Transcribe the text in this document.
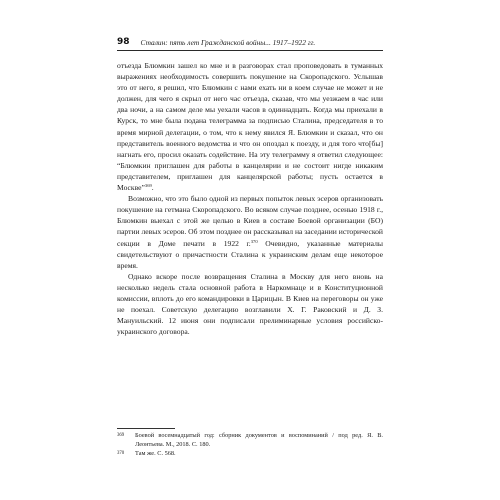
98 Сталин: пять лет Гражданской войны... 1917–1922 гг.

отъезда Блюмкин зашел ко мне и в разговорах стал проповедовать в туманных выражениях необходимость совершить покушение на Скоропадского. Услышав это от него, я решил, что Блюмкин с нами ехать ни в коем случае не может и не должен, для чего я скрыл от него час отъезда, сказав, что мы уезжаем в час или два ночи, а на самом деле мы уехали часов в одиннадцать. Когда мы приехали в Курск, то мне была подана телеграмма за подписью Сталина, председателя в то время мирной делегации, о том, что к нему явился Я. Блюмкин и сказал, что он представитель военного ведомства и что он опоздал к поезду, и для того что[бы] нагнать его, просил оказать содействие. На эту телеграмму я ответил следующее: “Блюмкин приглашен для работы в канцелярии и не состоит нигде никаким представителем, приглашен для канцелярской работы; пусть остается в Москве”$^{369}$.

Возможно, что это было одной из первых попыток левых эсеров организовать покушение на гетмана Скоропадского. Во всяком случае позднее, осенью 1918 г., Блюмкин выехал с этой же целью в Киев в составе Боевой организации (БО) партии левых эсеров. Об этом позднее он рассказывал на заседании исторической секции в Доме печати в 1922 г.$^{370}$ Очевидно, указанные материалы свидетельствуют о причастности Сталина к украинским делам еще некоторое время.

Однако вскоре после возвращения Сталина в Москву для него вновь на несколько недель стала основной работа в Наркомнаце и в Конституционной комиссии, вплоть до его командировки в Царицын. В Киев на переговоры он уже не поехал. Советскую делегацию возглавили Х. Г. Раковский и Д. З. Мануильский. 12 июня они подписали прелиминарные условия российско-украинского договора.

369	Боевой восемнадцатый год: сборник документов и воспоминаний / под ред. Я. В. Леонтьева. М., 2018. С. 180.
370	Там же. С. 568.
